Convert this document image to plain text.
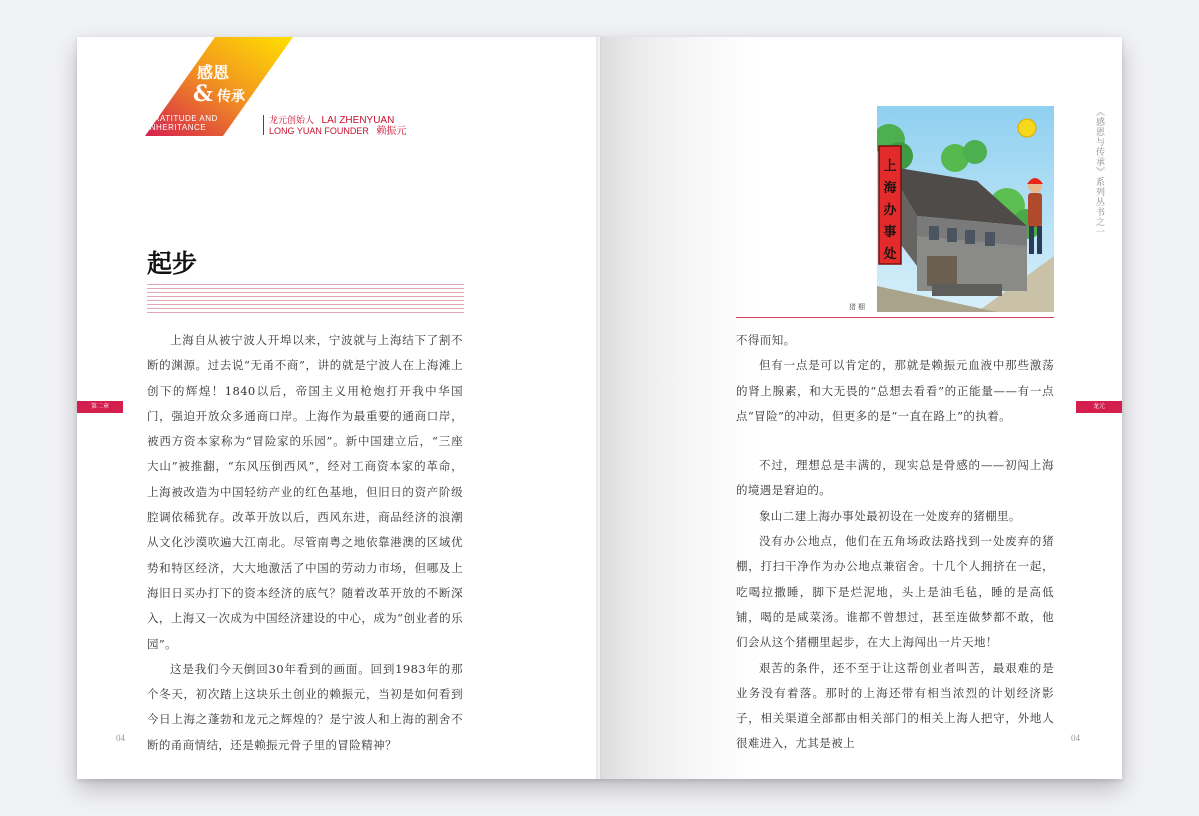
感恩
& 传承
GRATITUDE AND
INHERITANCE
龙元创始人 LAI ZHENYUAN
LONG YUAN FOUNDER 赖振元
起步

上海自从被宁波人开埠以来，宁波就与上海结下了割不断的渊源。过去说“无甬不商”，讲的就是宁波人在上海滩上创下的辉煌！1840以后，帝国主义用枪炮打开我中华国门，强迫开放众多通商口岸。上海作为最重要的通商口岸，被西方资本家称为“冒险家的乐园”。新中国建立后，“三座大山”被推翻，“东风压倒西风”，经对工商资本家的革命，上海被改造为中国轻纺产业的红色基地，但旧日的资产阶级腔调依稀犹存。改革开放以后，西风东进，商品经济的浪潮从文化沙漠吹遍大江南北。尽管南粤之地依靠港澳的区域优势和特区经济，大大地激活了中国的劳动力市场，但哪及上海旧日买办打下的资本经济的底气？随着改革开放的不断深入，上海又一次成为中国经济建设的中心，成为“创业者的乐园”。

这是我们今天倒回30年看到的画面。回到1983年的那个冬天，初次踏上这块乐土创业的赖振元，当初是如何看到今日上海之蓬勃和龙元之辉煌的？是宁波人和上海的割舍不断的甬商情结，还是赖振元骨子里的冒险精神？

第二章
04
上
海
办
事
处
猪 棚

不得而知。

但有一点是可以肯定的，那就是赖振元血液中那些激荡的肾上腺素，和大无畏的“总想去看看”的正能量——有一点点“冒险”的冲动，但更多的是“一直在路上”的执着。

不过，理想总是丰满的，现实总是骨感的——初闯上海的境遇是窘迫的。

象山二建上海办事处最初设在一处废弃的猪棚里。

没有办公地点，他们在五角场政法路找到一处废弃的猪棚，打扫干净作为办公地点兼宿舍。十几个人拥挤在一起，吃喝拉撒睡，脚下是烂泥地，头上是油毛毡，睡的是高低铺，喝的是咸菜汤。谁都不曾想过，甚至连做梦都不敢，他们会从这个猪棚里起步，在大上海闯出一片天地！

艰苦的条件，还不至于让这帮创业者叫苦，最艰难的是业务没有着落。那时的上海还带有相当浓烈的计划经济影子，相关渠道全部都由相关部门的相关上海人把守，外地人很难进入，尤其是被上

《感恩与传承》系列丛书之一
龙元
04
